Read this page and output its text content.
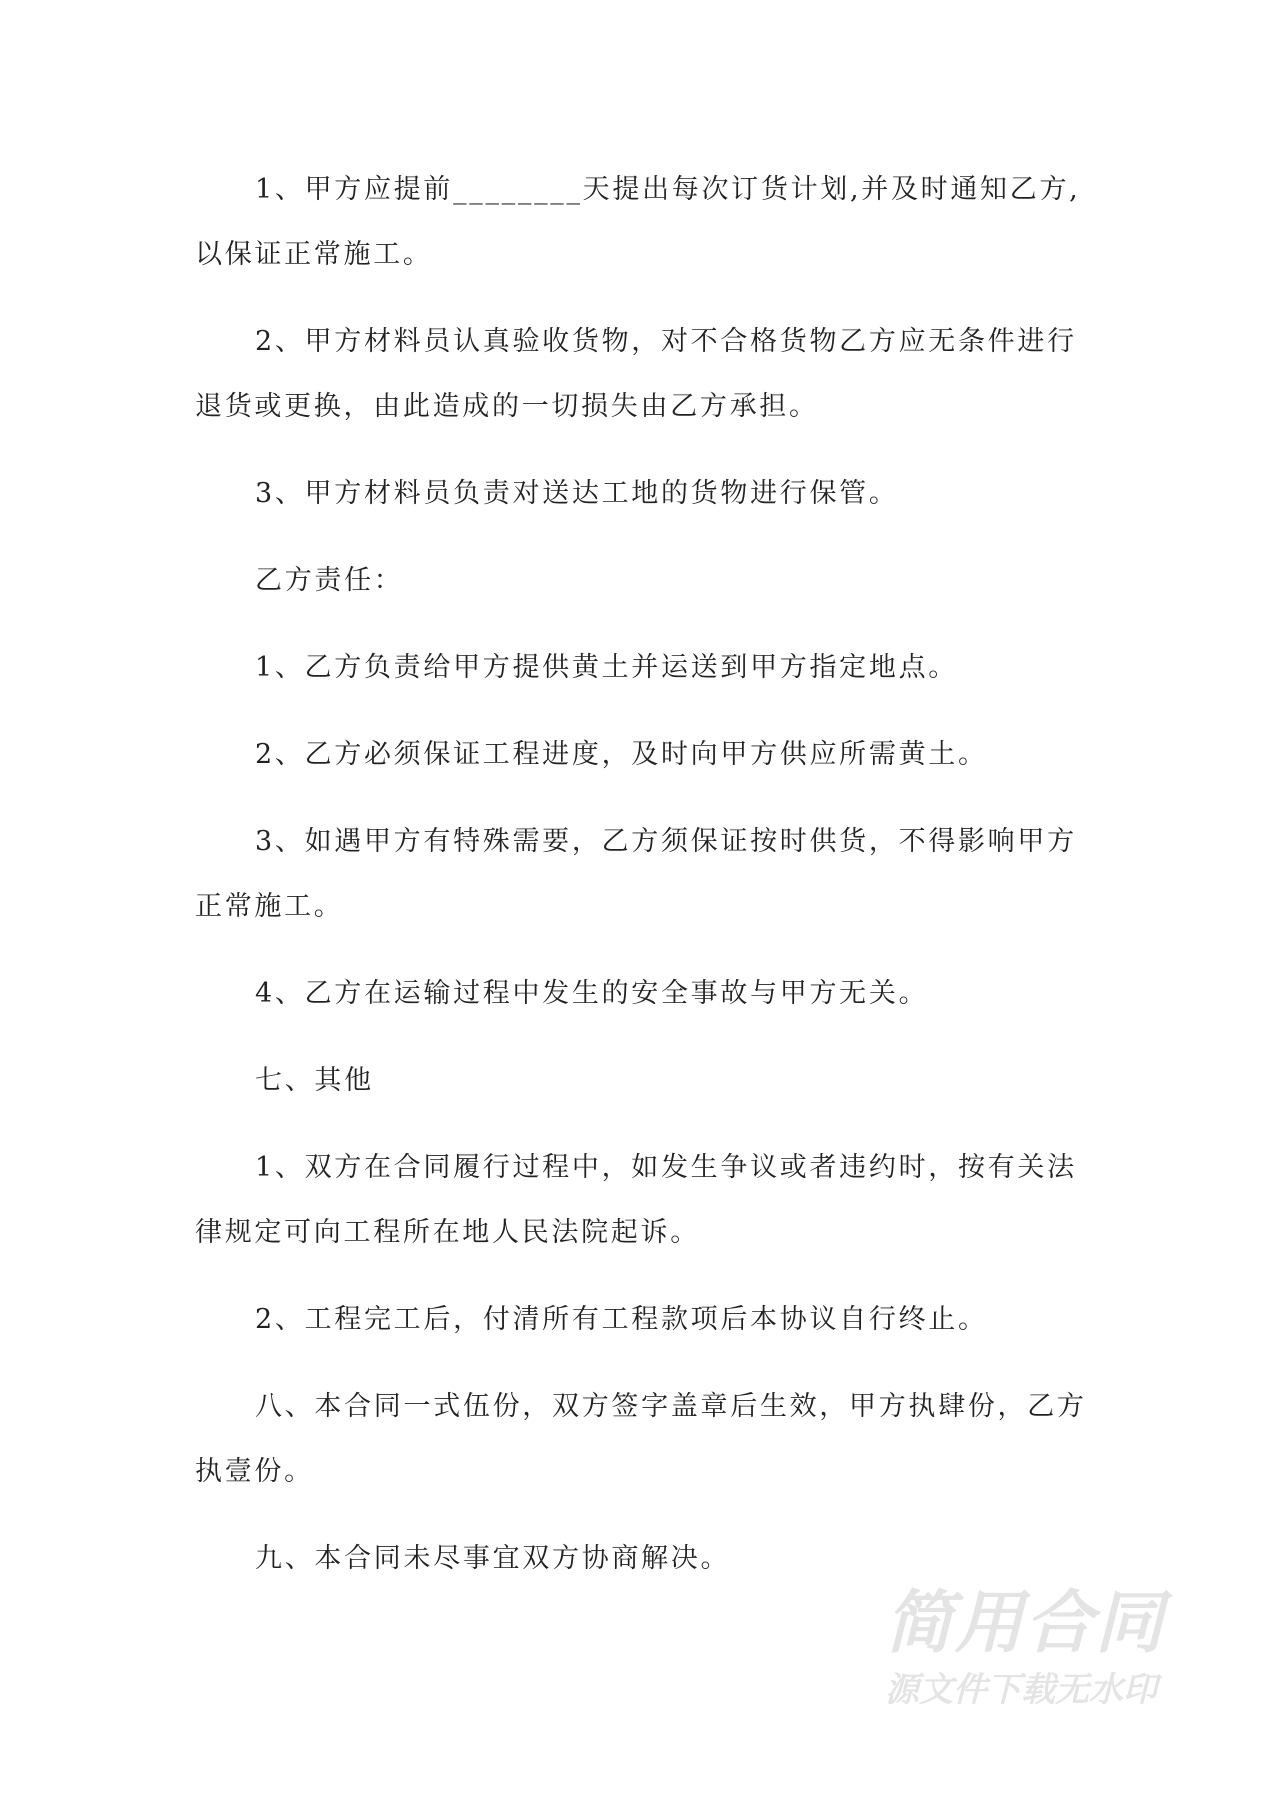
1、甲方应提前________天提出每次订货计划,并及时通知乙方,
以保证正常施工。
2、甲方材料员认真验收货物，对不合格货物乙方应无条件进行
退货或更换，由此造成的一切损失由乙方承担。
3、甲方材料员负责对送达工地的货物进行保管。
乙方责任：
1、乙方负责给甲方提供黄土并运送到甲方指定地点。
2、乙方必须保证工程进度，及时向甲方供应所需黄土。
3、如遇甲方有特殊需要，乙方须保证按时供货，不得影响甲方
正常施工。
4、乙方在运输过程中发生的安全事故与甲方无关。
七、其他
1、双方在合同履行过程中，如发生争议或者违约时，按有关法
律规定可向工程所在地人民法院起诉。
2、工程完工后，付清所有工程款项后本协议自行终止。
八、本合同一式伍份，双方签字盖章后生效，甲方执肆份，乙方
执壹份。
九、本合同未尽事宜双方协商解决。
简用合同
源文件下载无水印
